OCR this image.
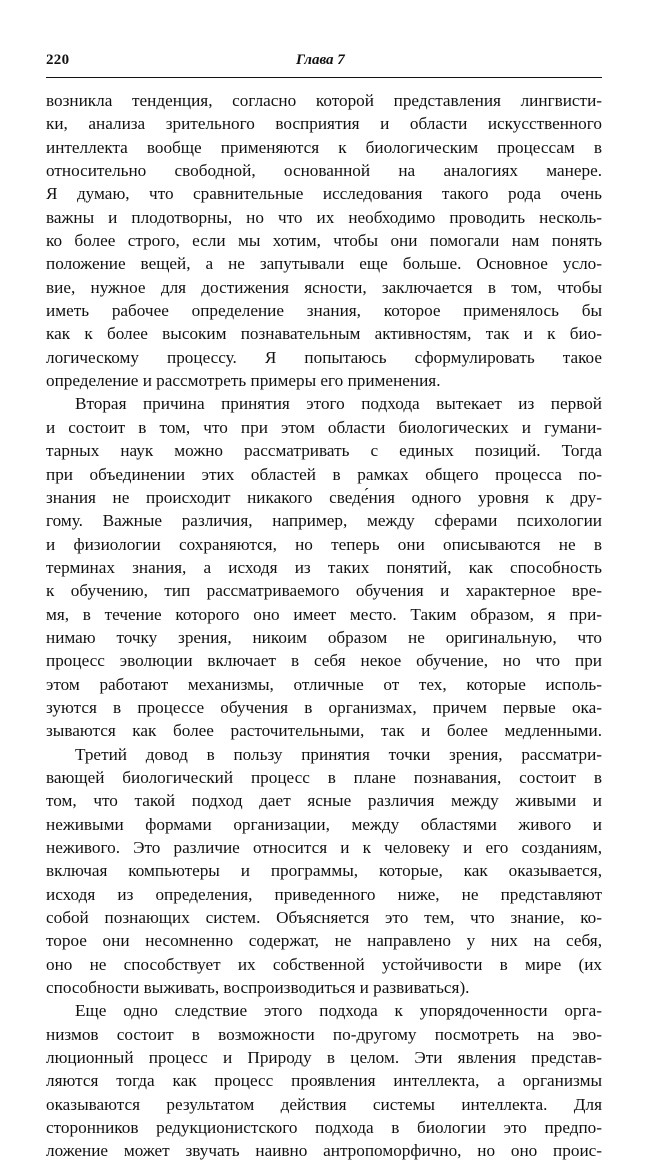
220	Глава 7
возникла тенденция, согласно которой представления лингвисти-
ки, анализа зрительного восприятия и области искусственного
интеллекта вообще применяются к биологическим процессам в
относительно свободной, основанной на аналогиях манере.
Я думаю, что сравнительные исследования такого рода очень
важны и плодотворны, но что их необходимо проводить несколь-
ко более строго, если мы хотим, чтобы они помогали нам понять
положение вещей, а не запутывали еще больше. Основное усло-
вие, нужное для достижения ясности, заключается в том, чтобы
иметь рабочее определение знания, которое применялось бы
как к более высоким познавательным активностям, так и к био-
логическому процессу. Я попытаюсь сформулировать такое
определение и рассмотреть примеры его применения.
Вторая причина принятия этого подхода вытекает из первой
и состоит в том, что при этом области биологических и гумани-
тарных наук можно рассматривать с единых позиций. Тогда
при объединении этих областей в рамках общего процесса по-
знания не происходит никакого сведе́ния одного уровня к дру-
гому. Важные различия, например, между сферами психологии
и физиологии сохраняются, но теперь они описываются не в
терминах знания, а исходя из таких понятий, как способность
к обучению, тип рассматриваемого обучения и характерное вре-
мя, в течение которого оно имеет место. Таким образом, я при-
нимаю точку зрения, никоим образом не оригинальную, что
процесс эволюции включает в себя некое обучение, но что при
этом работают механизмы, отличные от тех, которые исполь-
зуются в процессе обучения в организмах, причем первые ока-
зываются как более расточительными, так и более медленными.
Третий довод в пользу принятия точки зрения, рассматри-
вающей биологический процесс в плане познавания, состоит в
том, что такой подход дает ясные различия между живыми и
неживыми формами организации, между областями живого и
неживого. Это различие относится и к человеку и его созданиям,
включая компьютеры и программы, которые, как оказывается,
исходя из определения, приведенного ниже, не представляют
собой познающих систем. Объясняется это тем, что знание, ко-
торое они несомненно содержат, не направлено у них на себя,
оно не способствует их собственной устойчивости в мире (их
способности выживать, воспроизводиться и развиваться).
Еще одно следствие этого подхода к упорядоченности орга-
низмов состоит в возможности по-другому посмотреть на эво-
люционный процесс и Природу в целом. Эти явления представ-
ляются тогда как процесс проявления интеллекта, а организмы
оказываются результатом действия системы интеллекта. Для
сторонников редукционистского подхода в биологии это предпо-
ложение может звучать наивно антропоморфично, но оно проис-
